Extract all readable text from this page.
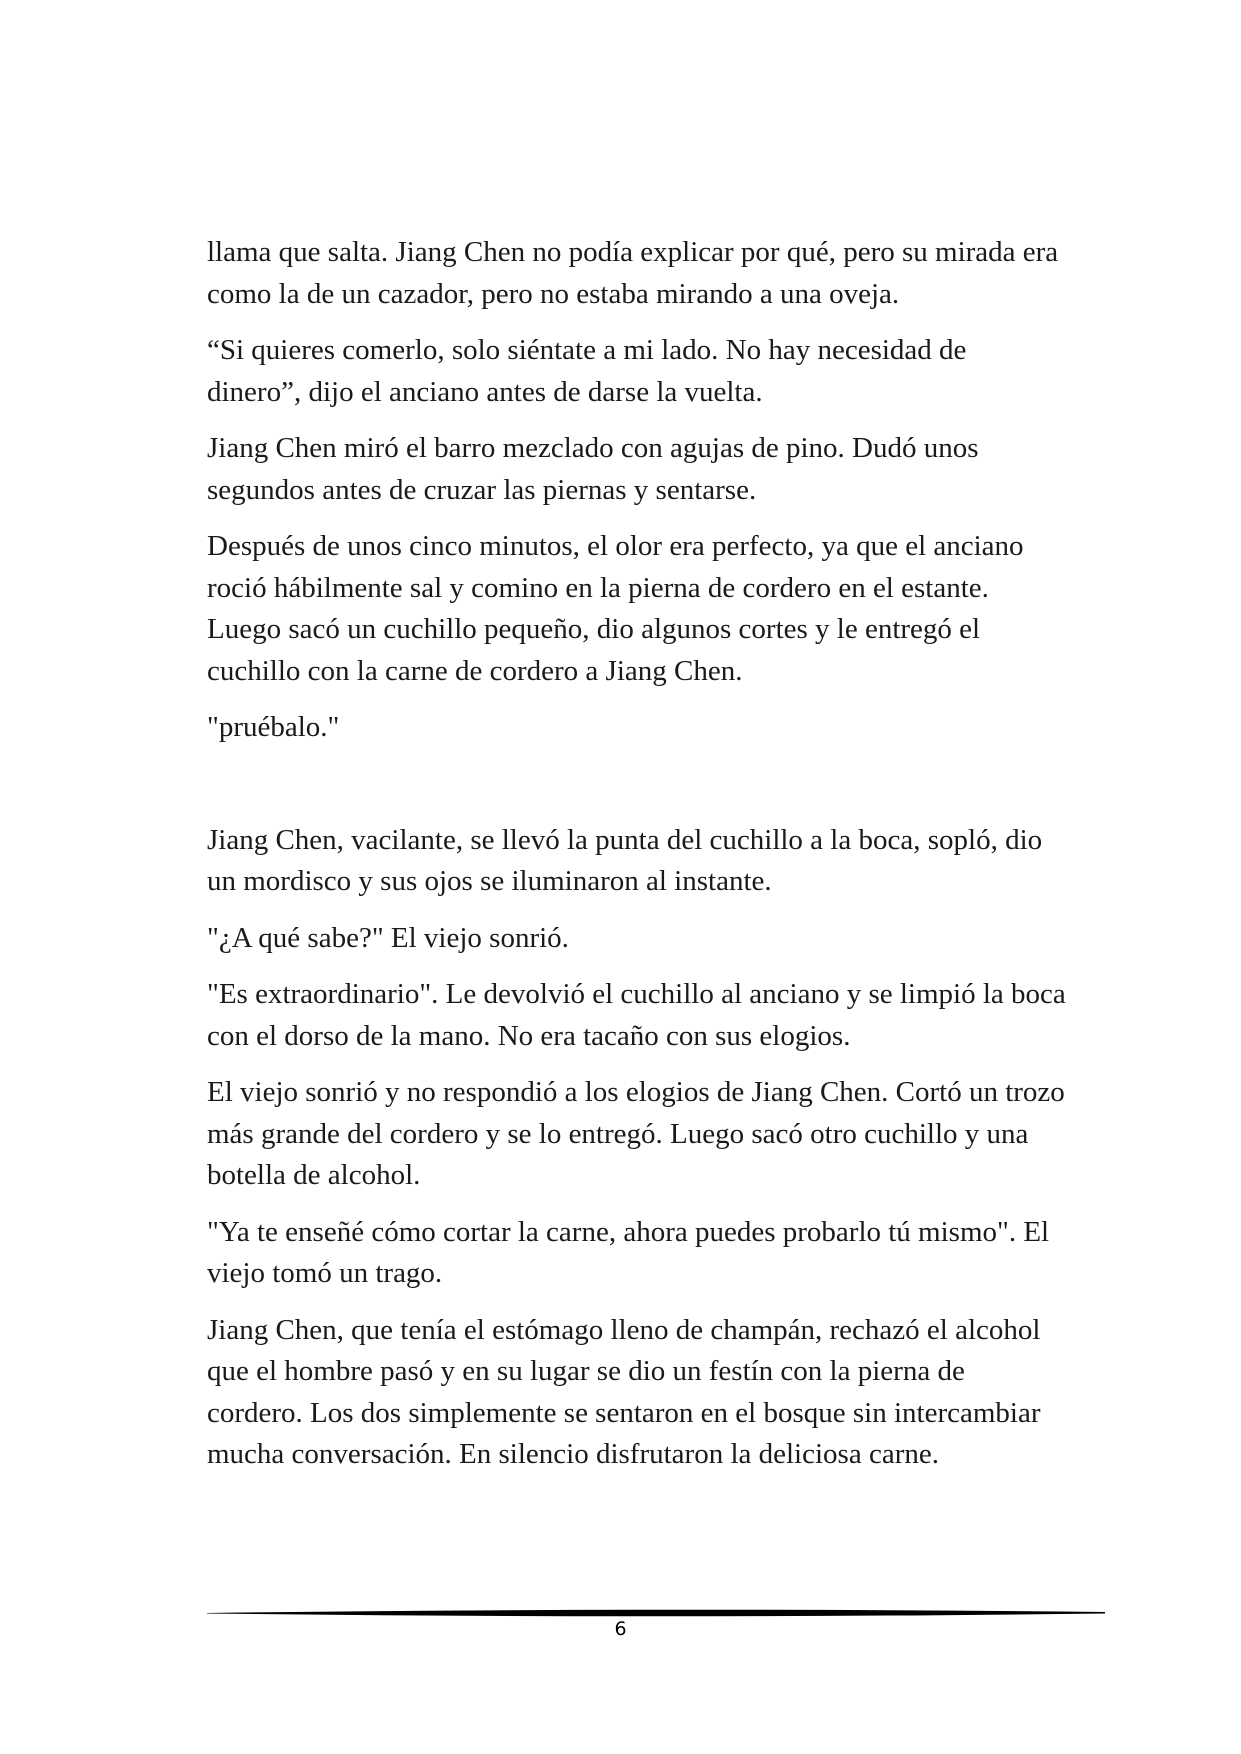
llama que salta. Jiang Chen no podía explicar por qué, pero su mirada era como la de un cazador, pero no estaba mirando a una oveja.

“Si quieres comerlo, solo siéntate a mi lado. No hay necesidad de dinero”, dijo el anciano antes de darse la vuelta.

Jiang Chen miró el barro mezclado con agujas de pino. Dudó unos segundos antes de cruzar las piernas y sentarse.

Después de unos cinco minutos, el olor era perfecto, ya que el anciano roció hábilmente sal y comino en la pierna de cordero en el estante. Luego sacó un cuchillo pequeño, dio algunos cortes y le entregó el cuchillo con la carne de cordero a Jiang Chen.

"pruébalo."

Jiang Chen, vacilante, se llevó la punta del cuchillo a la boca, sopló, dio un mordisco y sus ojos se iluminaron al instante.

"¿A qué sabe?" El viejo sonrió.

"Es extraordinario". Le devolvió el cuchillo al anciano y se limpió la boca con el dorso de la mano. No era tacaño con sus elogios.

El viejo sonrió y no respondió a los elogios de Jiang Chen. Cortó un trozo más grande del cordero y se lo entregó. Luego sacó otro cuchillo y una botella de alcohol.

"Ya te enseñé cómo cortar la carne, ahora puedes probarlo tú mismo". El viejo tomó un trago.

Jiang Chen, que tenía el estómago lleno de champán, rechazó el alcohol que el hombre pasó y en su lugar se dio un festín con la pierna de cordero. Los dos simplemente se sentaron en el bosque sin intercambiar mucha conversación. En silencio disfrutaron la deliciosa carne.

6
